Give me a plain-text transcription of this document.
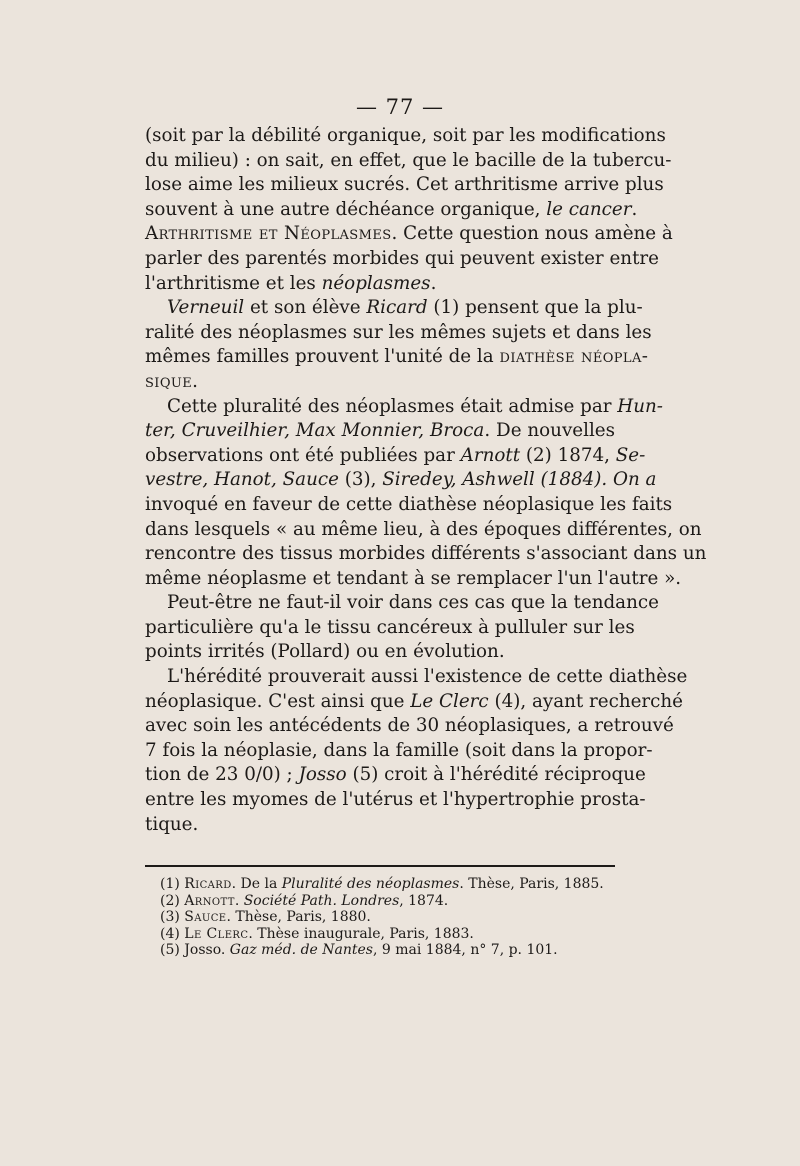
— 77 —
(soit par la débilité organique, soit par les modifications
du milieu) : on sait, en effet, que le bacille de la tubercu-
lose aime les milieux sucrés. Cet arthritisme arrive plus
souvent à une autre déchéance organique, le cancer.
Arthritisme et Néoplasmes. Cette question nous amène à
parler des parentés morbides qui peuvent exister entre
l'arthritisme et les néoplasmes.
Verneuil et son élève Ricard (1) pensent que la plu-
ralité des néoplasmes sur les mêmes sujets et dans les
mêmes familles prouvent l'unité de la diathèse néopla-
sique.
Cette pluralité des néoplasmes était admise par Hun-
ter, Cruveilhier, Max Monnier, Broca. De nouvelles
observations ont été publiées par Arnott (2) 1874, Se-
vestre, Hanot, Sauce (3), Siredey, Ashwell (1884). On a
invoqué en faveur de cette diathèse néoplasique les faits
dans lesquels « au même lieu, à des époques différentes, on
rencontre des tissus morbides différents s'associant dans un
même néoplasme et tendant à se remplacer l'un l'autre ».
Peut-être ne faut-il voir dans ces cas que la tendance
particulière qu'a le tissu cancéreux à pulluler sur les
points irrités (Pollard) ou en évolution.
L'hérédité prouverait aussi l'existence de cette diathèse
néoplasique. C'est ainsi que Le Clerc (4), ayant recherché
avec soin les antécédents de 30 néoplasiques, a retrouvé
7 fois la néoplasie, dans la famille (soit dans la propor-
tion de 23 0/0) ; Josso (5) croit à l'hérédité réciproque
entre les myomes de l'utérus et l'hypertrophie prosta-
tique.
(1) Ricard. De la Pluralité des néoplasmes. Thèse, Paris, 1885.
(2) Arnott. Société Path. Londres, 1874.
(3) Sauce. Thèse, Paris, 1880.
(4) Le Clerc. Thèse inaugurale, Paris, 1883.
(5) Josso. Gaz méd. de Nantes, 9 mai 1884, n° 7, p. 101.
